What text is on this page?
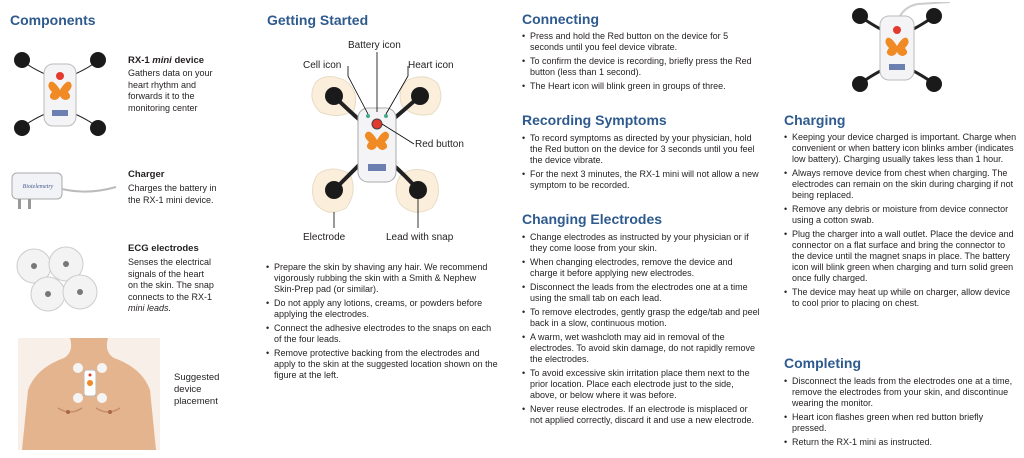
Components
RX-1 mini device
Gathers data on your
heart rhythm and
forwards it to the
monitoring center
Biotelemetry
Charger
Charges the battery in
the RX-1 mini device.
ECG electrodes
Senses the electrical
signals of the heart
on the skin. The snap
connects to the RX-1
mini leads.
Suggested
device
placement
Getting Started
Battery icon
Cell icon	Heart icon
Red button
Electrode	Lead with snap
• Prepare the skin by shaving any hair. We recommend vigorously rubbing the skin with a Smith & Nephew Skin-Prep pad (or similar).
• Do not apply any lotions, creams, or powders before applying the electrodes.
• Connect the adhesive electrodes to the snaps on each of the four leads.
• Remove protective backing from the electrodes and apply to the skin at the suggested location shown on the figure at the left.
Connecting
• Press and hold the Red button on the device for 5 seconds until you feel device vibrate.
• To confirm the device is recording, briefly press the Red button (less than 1 second).
• The Heart icon will blink green in groups of three.
Recording Symptoms
• To record symptoms as directed by your physician, hold the Red button on the device for 3 seconds until you feel the device vibrate.
• For the next 3 minutes, the RX-1 mini will not allow a new symptom to be recorded.
Changing Electrodes
• Change electrodes as instructed by your physician or if they come loose from your skin.
• When changing electrodes, remove the device and charge it before applying new electrodes.
• Disconnect the leads from the electrodes one at a time using the small tab on each lead.
• To remove electrodes, gently grasp the edge/tab and peel back in a slow, continuous motion.
• A warm, wet washcloth may aid in removal of the electrodes. To avoid skin damage, do not rapidly remove the electrodes.
• To avoid excessive skin irritation place them next to the prior location. Place each electrode just to the side, above, or below where it was before.
• Never reuse electrodes. If an electrode is misplaced or not applied correctly, discard it and use a new electrode.
Charging
• Keeping your device charged is important. Charge when convenient or when battery icon blinks amber (indicates low battery). Charging usually takes less than 1 hour.
• Always remove device from chest when charging. The electrodes can remain on the skin during charging if not being replaced.
• Remove any debris or moisture from device connector using a cotton swab.
• Plug the charger into a wall outlet. Place the device and connector on a flat surface and bring the connector to the device until the magnet snaps in place. The battery icon will blink green when charging and turn solid green once fully charged.
• The device may heat up while on charger, allow device to cool prior to placing on chest.
Completing
• Disconnect the leads from the electrodes one at a time, remove the electrodes from your skin, and discontinue wearing the monitor.
• Heart icon flashes green when red button briefly pressed.
• Return the RX-1 mini as instructed.
